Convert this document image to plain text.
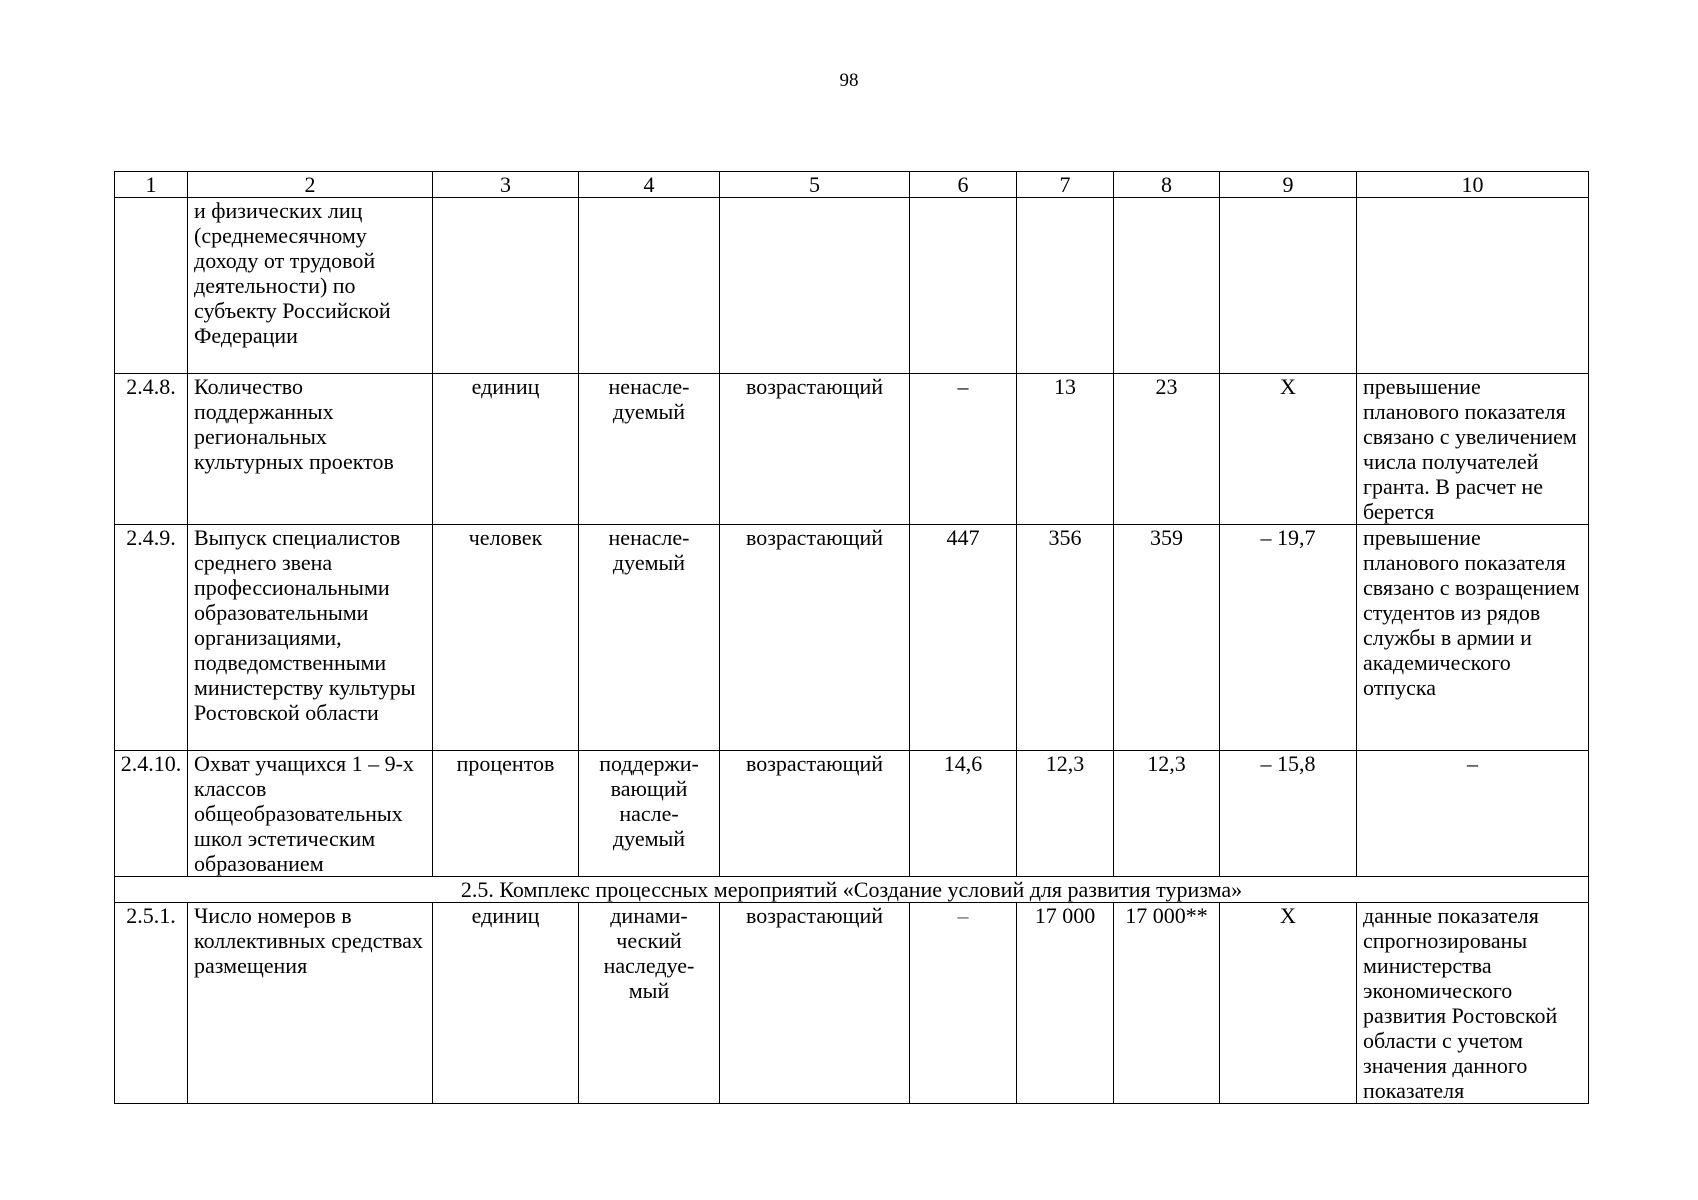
98
1	2	3	4	5	6	7	8	9	10
	и физических лиц (среднемесячному доходу от трудовой деятельности) по субъекту Российской Федерации								
2.4.8.	Количество поддержанных региональных культурных проектов	единиц	ненасле-дуемый	возрастающий	–	13	23	Х	превышение планового показателя связано с увеличением числа получателей гранта. В расчет не берется
2.4.9.	Выпуск специалистов среднего звена профессиональными образовательными организациями, подведомственными министерству культуры Ростовской области	человек	ненасле-дуемый	возрастающий	447	356	359	– 19,7	превышение планового показателя связано с возращением студентов из рядов службы в армии и академического отпуска
2.4.10.	Охват учащихся 1 – 9-х классов общеобразовательных школ эстетическим образованием	процентов	поддержи-вающий насле-дуемый	возрастающий	14,6	12,3	12,3	– 15,8	–
2.5. Комплекс процессных мероприятий «Создание условий для развития туризма»									
2.5.1.	Число номеров в коллективных средствах размещения	единиц	динами-ческий наследуе-мый	возрастающий	–	17 000	17 000**	Х	данные показателя спрогнозированы министерства экономического развития Ростовской области с учетом значения данного показателя
